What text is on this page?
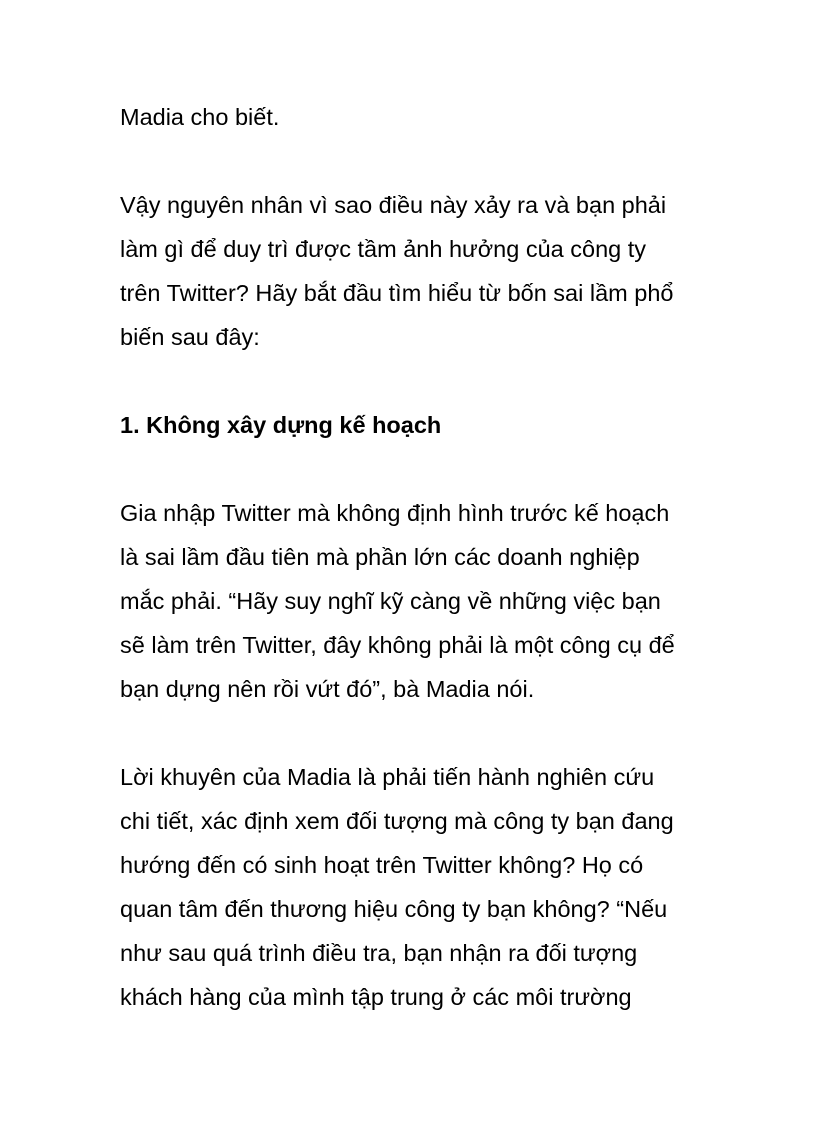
Madia cho biết.
Vậy nguyên nhân vì sao điều này xảy ra và bạn phải
làm gì để duy trì được tầm ảnh hưởng của công ty
trên Twitter? Hãy bắt đầu tìm hiểu từ bốn sai lầm phổ
biến sau đây:
1. Không xây dựng kế hoạch
Gia nhập Twitter mà không định hình trước kế hoạch
là sai lầm đầu tiên mà phần lớn các doanh nghiệp
mắc phải. “Hãy suy nghĩ kỹ càng về những việc bạn
sẽ làm trên Twitter, đây không phải là một công cụ để
bạn dựng nên rồi vứt đó”, bà Madia nói.
Lời khuyên của Madia là phải tiến hành nghiên cứu
chi tiết, xác định xem đối tượng mà công ty bạn đang
hướng đến có sinh hoạt trên Twitter không? Họ có
quan tâm đến thương hiệu công ty bạn không? “Nếu
như sau quá trình điều tra, bạn nhận ra đối tượng
khách hàng của mình tập trung ở các môi trường
